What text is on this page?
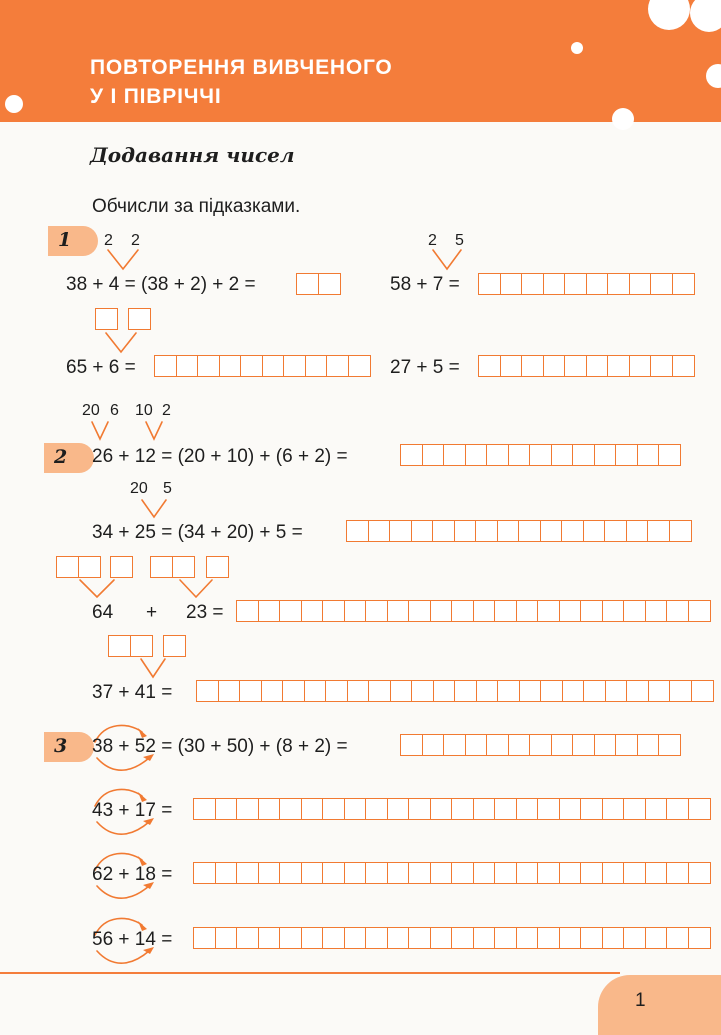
ПОВТОРЕННЯ ВИВЧЕНОГО
У І ПІВРІЧЧІ
Додавання чисел
Обчисли за підказками.
1 2 2
38 + 4 = (38 + 2) + 2 =
2 5
58 + 7 =
65 + 6 =	27 + 5 =
2
20 6 10 2
26 + 12 = (20 + 10) + (6 + 2) =
20 5
34 + 25 = (34 + 20) + 5 =
64 + 23 =
37 + 41 =
3 38 + 52 = (30 + 50) + (8 + 2) =
43 + 17 =
62 + 18 =
56 + 14 =
1
